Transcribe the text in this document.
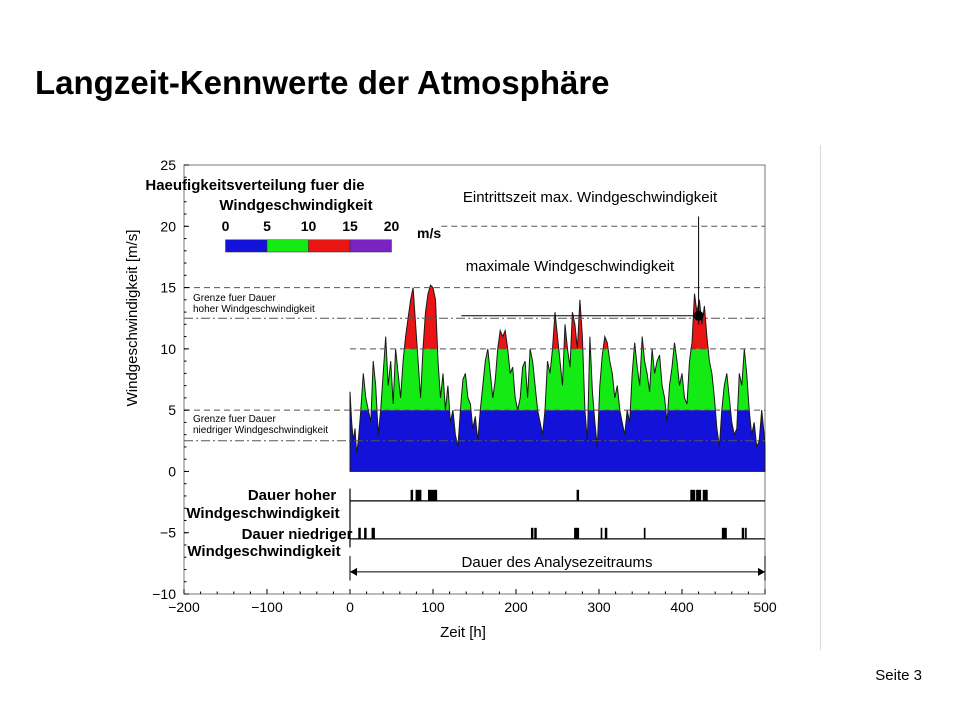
Langzeit-Kennwerte der Atmosphäre
Seite 3
0 5 10 15 20
−200	−100	0	100	200	300	400	500
−10
−5
0
5
10
15
20
25
Haeufigkeitsverteilung fuer die
Windgeschwindigkeit
m/s
Eintrittszeit max. Windgeschwindigkeit
maximale Windgeschwindigkeit
Grenze fuer Dauer
hoher Windgeschwindigkeit
Grenze fuer Dauer
niedriger Windgeschwindigkeit
Dauer hoher
Windgeschwindigkeit
Dauer niedriger
Windgeschwindigkeit
Dauer des Analysezeitraums
Zeit [h]
Windgeschwindigkeit [m/s]
